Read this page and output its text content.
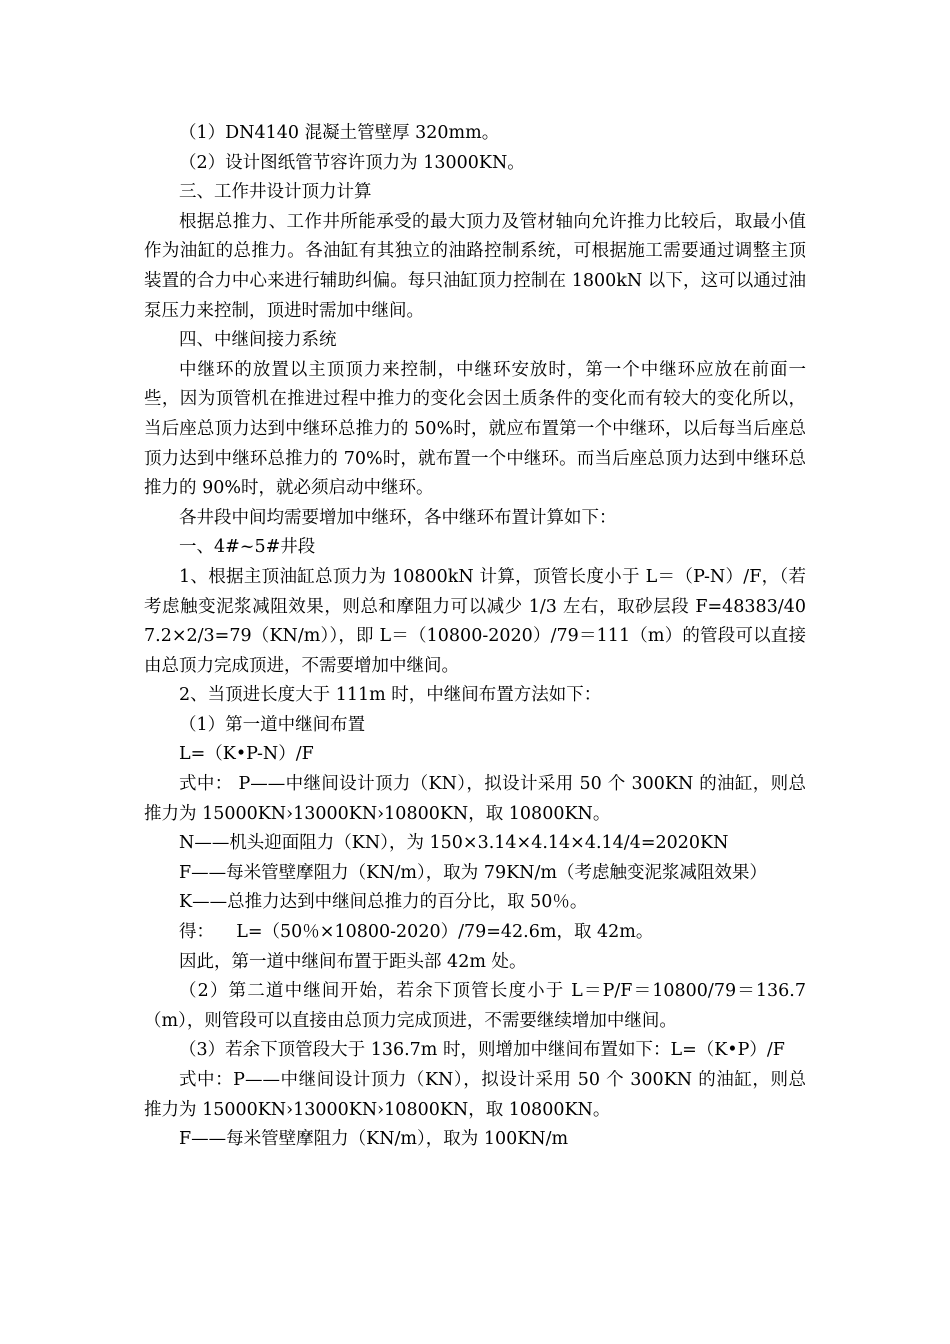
（1）DN4140 混凝土管壁厚 320mm。

（2）设计图纸管节容许顶力为 13000KN。

三、工作井设计顶力计算

根据总推力、工作井所能承受的最大顶力及管材轴向允许推力比较后，取最小值作为油缸的总推力。各油缸有其独立的油路控制系统，可根据施工需要通过调整主顶装置的合力中心来进行辅助纠偏。每只油缸顶力控制在 1800kN 以下，这可以通过油泵压力来控制，顶进时需加中继间。

四、中继间接力系统

中继环的放置以主顶顶力来控制，中继环安放时，第一个中继环应放在前面一些，因为顶管机在推进过程中推力的变化会因土质条件的变化而有较大的变化所以，当后座总顶力达到中继环总推力的 50%时，就应布置第一个中继环，以后每当后座总顶力达到中继环总推力的 70%时，就布置一个中继环。而当后座总顶力达到中继环总推力的 90%时，就必须启动中继环。

各井段中间均需要增加中继环，各中继环布置计算如下：

一、4#~5#井段

1、根据主顶油缸总顶力为 10800kN 计算，顶管长度小于 L＝（P-N）/F，（若考虑触变泥浆减阻效果，则总和摩阻力可以减少 1/3 左右，取砂层段 F=48383/407.2×2/3=79（KN/m）），即 L＝（10800-2020）/79＝111（m）的管段可以直接由总顶力完成顶进，不需要增加中继间。

2、当顶进长度大于 111m 时，中继间布置方法如下：

（1）第一道中继间布置

L=（K•P-N）/F

式中： P——中继间设计顶力（KN），拟设计采用 50 个 300KN 的油缸，则总推力为 15000KN›13000KN›10800KN，取 10800KN。

N——机头迎面阻力（KN），为 150×3.14×4.14×4.14/4=2020KN

F——每米管壁摩阻力（KN/m），取为 79KN/m（考虑触变泥浆减阻效果）

K——总推力达到中继间总推力的百分比，取 50％。

得：    L=（50％×10800-2020）/79=42.6m，取 42m。

因此，第一道中继间布置于距头部 42m 处。

（2）第二道中继间开始，若余下顶管长度小于 L＝P/F＝10800/79＝136.7（m），则管段可以直接由总顶力完成顶进，不需要继续增加中继间。

（3）若余下顶管段大于 136.7m 时，则增加中继间布置如下：L=（K•P）/F

式中：P——中继间设计顶力（KN），拟设计采用 50 个 300KN 的油缸，则总推力为 15000KN›13000KN›10800KN，取 10800KN。

F——每米管壁摩阻力（KN/m），取为 100KN/m
